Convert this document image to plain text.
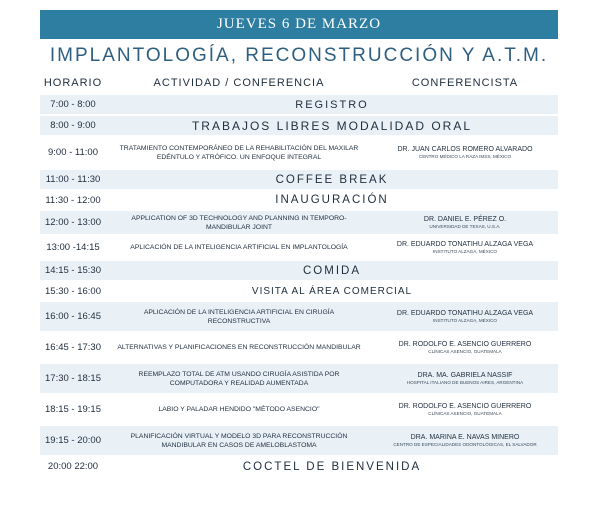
JUEVES 6 DE MARZO
IMPLANTOLOGÍA, RECONSTRUCCIÓN Y A.T.M.
HORARIO	ACTIVIDAD / CONFERENCIA	CONFERENCISTA
7:00 - 8:00	REGISTRO	
8:00 - 9:00	TRABAJOS LIBRES MODALIDAD ORAL	
9:00 - 11:00	TRATAMIENTO CONTEMPORÁNEO DE LA REHABILITACIÓN DEL MAXILAR EDÉNTULO Y ATRÓFICO. UN ENFOQUE INTEGRAL	DR. JUAN CARLOS ROMERO ALVARADO
CENTRO MÉDICO LA RAZA IMSS, MÉXICO

11:00 - 11:30	COFFEE BREAK	
11:30 - 12:00	INAUGURACIÓN	
12:00 - 13:00	APPLICATION OF 3D TECHNOLOGY AND PLANNING IN TEMPORO-MANDIBULAR JOINT	DR. DANIEL E. PÉREZ O.
UNIVERSIDAD DE TEXAS, U.S.A.

13:00 -14:15	APLICACIÓN DE LA INTELIGENCIA ARTIFICIAL EN IMPLANTOLOGÍA	DR. EDUARDO TONATIHU ALZAGA VEGA
INSTITUTO ALZAGA, MÉXICO

14:15 - 15:30	COMIDA	
15:30 - 16:00	VISITA AL ÁREA COMERCIAL	
16:00 - 16:45	APLICACIÓN DE LA INTELIGENCIA ARTIFICIAL EN CIRUGÍA RECONSTRUCTIVA	DR. EDUARDO TONATIHU ALZAGA VEGA
INSTITUTO ALZAGA, MÉXICO

16:45 - 17:30	ALTERNATIVAS Y PLANIFICACIONES EN RECONSTRUCCIÓN MANDIBULAR	DR. RODOLFO E. ASENCIO GUERRERO
CLÍNICAS ASENCIO, GUATEMALA

17:30 - 18:15	REEMPLAZO TOTAL DE ATM USANDO CIRUGÍA ASISTIDA POR COMPUTADORA Y REALIDAD AUMENTADA	DRA. MA. GABRIELA NASSIF
HOSPITAL ITALIANO DE BUENOS AIRES, ARGENTINA

18:15 - 19:15	LABIO Y PALADAR HENDIDO "MÉTODO ASENCIO"	DR. RODOLFO E. ASENCIO GUERRERO
CLÍNICAS ASENCIO, GUATEMALA

19:15 - 20:00	PLANIFICACIÓN VIRTUAL Y MODELO 3D PARA RECONSTRUCCIÓN MANDIBULAR EN CASOS DE AMELOBLASTOMA	DRA. MARINA E. NAVAS MINERO
CENTRO DE ESPECIALIDADES ODONTOLÓGICAS, EL SALVADOR

20:00 22:00	COCTEL DE BIENVENIDA	
